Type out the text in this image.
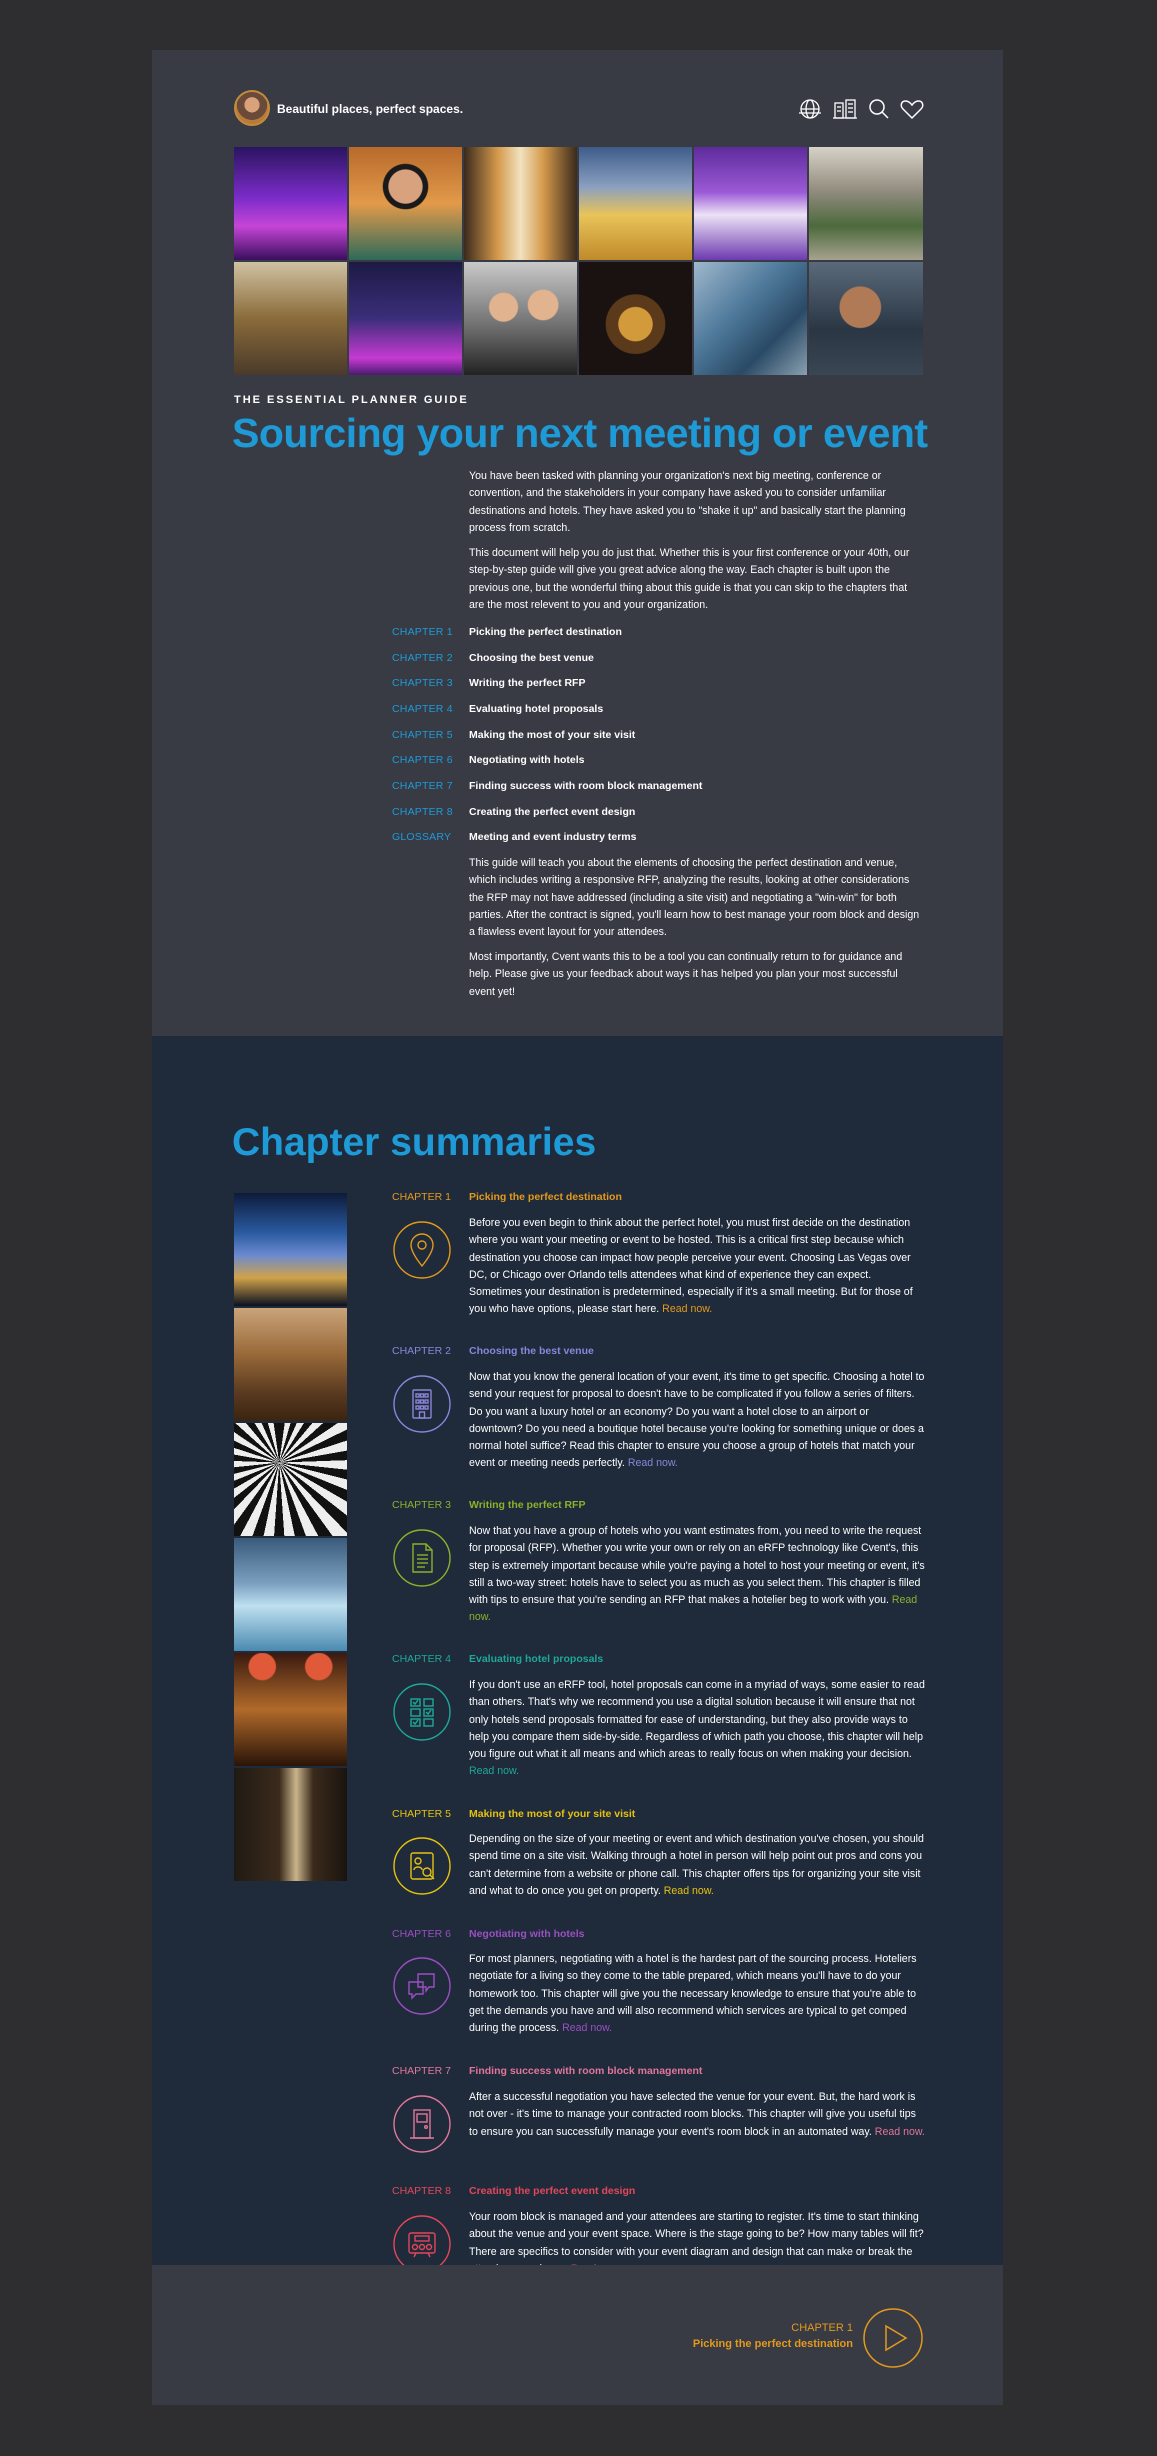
Beautiful places, perfect spaces.
THE ESSENTIAL PLANNER GUIDE
Sourcing your next meeting or event
You have been tasked with planning your organization's next big meeting, conference or convention, and the stakeholders in your company have asked you to consider unfamiliar destinations and hotels. They have asked you to "shake it up" and basically start the planning process from scratch.
This document will help you do just that. Whether this is your first conference or your 40th, our step-by-step guide will give you great advice along the way. Each chapter is built upon the previous one, but the wonderful thing about this guide is that you can skip to the chapters that are the most relevent to you and your organization.
CHAPTER 1 Picking the perfect destination
CHAPTER 2 Choosing the best venue
CHAPTER 3 Writing the perfect RFP
CHAPTER 4 Evaluating hotel proposals
CHAPTER 5 Making the most of your site visit
CHAPTER 6 Negotiating with hotels
CHAPTER 7 Finding success with room block management
CHAPTER 8 Creating the perfect event design
GLOSSARY Meeting and event industry terms
This guide will teach you about the elements of choosing the perfect destination and venue, which includes writing a responsive RFP, analyzing the results, looking at other considerations the RFP may not have addressed (including a site visit) and negotiating a "win-win" for both parties. After the contract is signed, you'll learn how to best manage your room block and design a flawless event layout for your attendees.
Most importantly, Cvent wants this to be a tool you can continually return to for guidance and help. Please give us your feedback about ways it has helped you plan your most successful event yet!
Chapter summaries
CHAPTER 1 Picking the perfect destination
Before you even begin to think about the perfect hotel, you must first decide on the destination where you want your meeting or event to be hosted. This is a critical first step because which destination you choose can impact how people perceive your event. Choosing Las Vegas over DC, or Chicago over Orlando tells attendees what kind of experience they can expect. Sometimes your destination is predetermined, especially if it's a small meeting. But for those of you who have options, please start here. Read now.
CHAPTER 2 Choosing the best venue
Now that you know the general location of your event, it's time to get specific. Choosing a hotel to send your request for proposal to doesn't have to be complicated if you follow a series of filters. Do you want a luxury hotel or an economy? Do you want a hotel close to an airport or downtown? Do you need a boutique hotel because you're looking for something unique or does a normal hotel suffice? Read this chapter to ensure you choose a group of hotels that match your event or meeting needs perfectly. Read now.
CHAPTER 3 Writing the perfect RFP
Now that you have a group of hotels who you want estimates from, you need to write the request for proposal (RFP). Whether you write your own or rely on an eRFP technology like Cvent's, this step is extremely important because while you're paying a hotel to host your meeting or event, it's still a two-way street: hotels have to select you as much as you select them. This chapter is filled with tips to ensure that you're sending an RFP that makes a hotelier beg to work with you. Read now.
CHAPTER 4 Evaluating hotel proposals
If you don't use an eRFP tool, hotel proposals can come in a myriad of ways, some easier to read than others. That's why we recommend you use a digital solution because it will ensure that not only hotels send proposals formatted for ease of understanding, but they also provide ways to help you compare them side-by-side. Regardless of which path you choose, this chapter will help you figure out what it all means and which areas to really focus on when making your decision. Read now.
CHAPTER 5 Making the most of your site visit
Depending on the size of your meeting or event and which destination you've chosen, you should spend time on a site visit. Walking through a hotel in person will help point out pros and cons you can't determine from a website or phone call. This chapter offers tips for organizing your site visit and what to do once you get on property. Read now.
CHAPTER 6 Negotiating with hotels
For most planners, negotiating with a hotel is the hardest part of the sourcing process. Hoteliers negotiate for a living so they come to the table prepared, which means you'll have to do your homework too. This chapter will give you the necessary knowledge to ensure that you're able to get the demands you have and will also recommend which services are typical to get comped during the process. Read now.
CHAPTER 7 Finding success with room block management
After a successful negotiation you have selected the venue for your event. But, the hard work is not over - it's time to manage your contracted room blocks. This chapter will give you useful tips to ensure you can successfully manage your event's room block in an automated way. Read now.
CHAPTER 8 Creating the perfect event design
Your room block is managed and your attendees are starting to register. It's time to start thinking about the venue and your event space. Where is the stage going to be? How many tables will fit? There are specifics to consider with your event diagram and design that can make or break the
CHAPTER 1
Picking the perfect destination
